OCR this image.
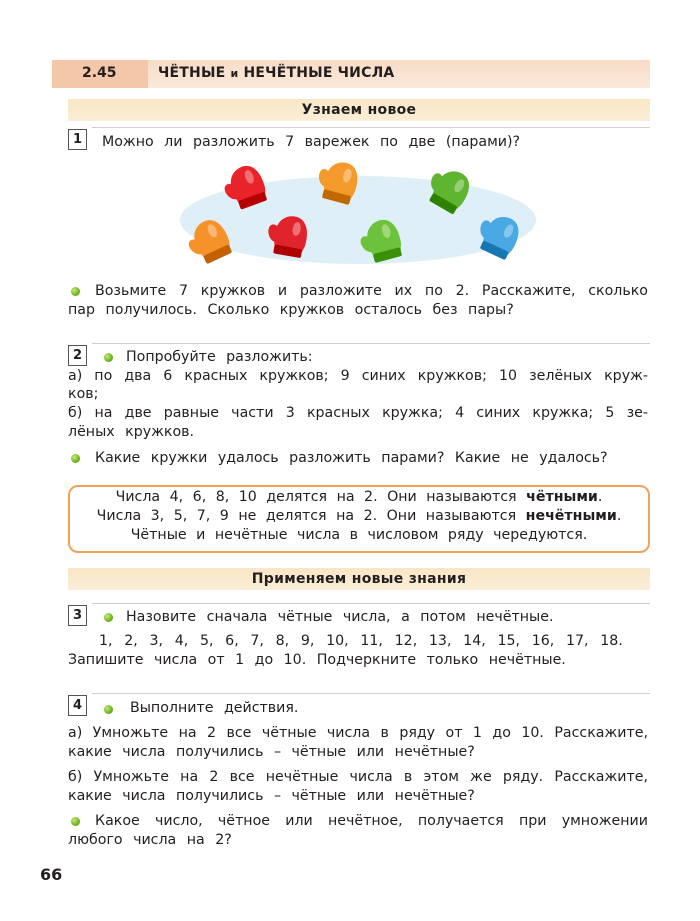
2.45	ЧЁТНЫЕ и НЕЧЁТНЫЕ ЧИСЛА
Узнаем новое
1	Можно ли разложить 7 варежек по две (парами)?
Возьмите 7 кружков и разложите их по 2. Расскажите, сколько
пар получилось. Сколько кружков осталось без пары?
2	Попробуйте разложить:
а) по два 6 красных кружков; 9 синих кружков; 10 зелёных круж-
ков;
б) на две равные части 3 красных кружка; 4 синих кружка; 5 зе-
лёных кружков.
Какие кружки удалось разложить парами? Какие не удалось?
Числа 4, 6, 8, 10 делятся на 2. Они называются чётными.
Числа 3, 5, 7, 9 не делятся на 2. Они называются нечётными.
Чётные и нечётные числа в числовом ряду чередуются.
Применяем новые знания
3	Назовите сначала чётные числа, а потом нечётные.
1, 2, 3, 4, 5, 6, 7, 8, 9, 10, 11, 12, 13, 14, 15, 16, 17, 18.
Запишите числа от 1 до 10. Подчеркните только нечётные.
4	Выполните действия.
а) Умножьте на 2 все чётные числа в ряду от 1 до 10. Расскажите,
какие числа получились – чётные или нечётные?
б) Умножьте на 2 все нечётные числа в этом же ряду. Расскажите,
какие числа получились – чётные или нечётные?
Какое число, чётное или нечётное, получается при умножении
любого числа на 2?
66
